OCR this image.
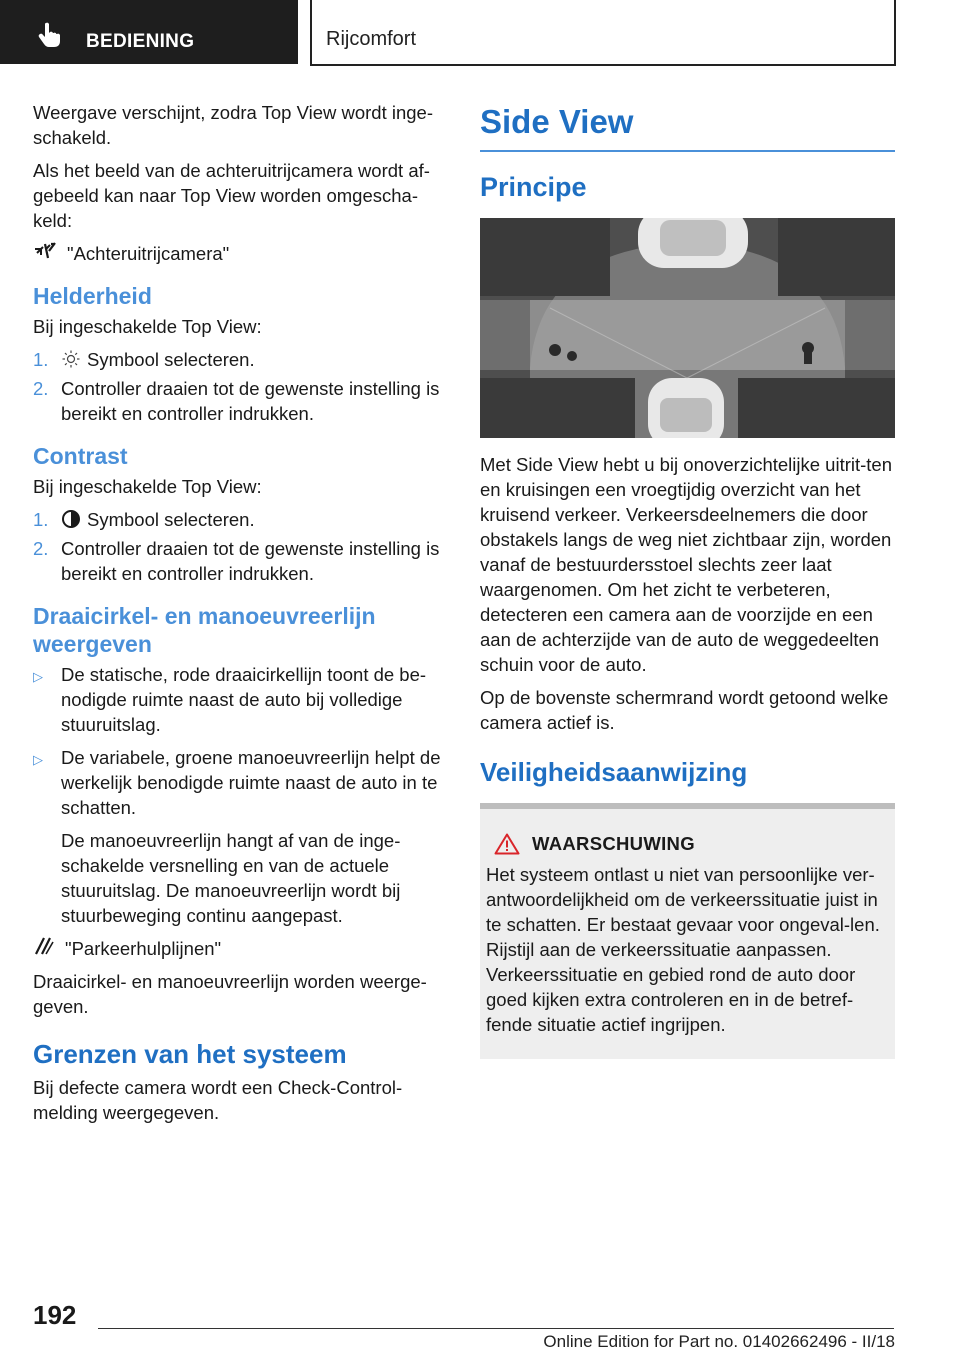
BEDIENING	Rijcomfort
Weergave verschijnt, zodra Top View wordt inge‐schakeld.
Als het beeld van de achteruitrijcamera wordt af‐gebeeld kan naar Top View worden omgescha‐keld:
"Achteruitrijcamera"
Helderheid
Bij ingeschakelde Top View:
1.	Symbool selecteren.
2. Controller draaien tot de gewenste instelling is bereikt en controller indrukken.
Contrast
Bij ingeschakelde Top View:
1.	Symbool selecteren.
2. Controller draaien tot de gewenste instelling is bereikt en controller indrukken.
Draaicirkel- en manoeuvreerlijn weergeven
▷ De statische, rode draaicirkellijn toont de be‐nodigde ruimte naast de auto bij volledige stuuruitslag.
▷ De variabele, groene manoeuvreerlijn helpt de werkelijk benodigde ruimte naast de auto in te schatten.
De manoeuvreerlijn hangt af van de inge‐schakelde versnelling en van de actuele stuuruitslag. De manoeuvreerlijn wordt bij stuurbeweging continu aangepast.
"Parkeerhulplijnen"
Draaicirkel- en manoeuvreerlijn worden weerge‐geven.
Grenzen van het systeem
Bij defecte camera wordt een Check-Control-melding weergegeven.
Side View
Principe
Met Side View hebt u bij onoverzichtelijke uitrit‐ten en kruisingen een vroegtijdig overzicht van het kruisend verkeer. Verkeersdeelnemers die door obstakels langs de weg niet zichtbaar zijn, worden vanaf de bestuurdersstoel slechts zeer laat waargenomen. Om het zicht te verbeteren, detecteren een camera aan de voorzijde en een aan de achterzijde van de auto de weggedeelten schuin voor de auto.
Op de bovenste schermrand wordt getoond welke camera actief is.
Veiligheidsaanwijzing
WAARSCHUWING
Het systeem ontlast u niet van persoonlijke ver‐antwoordelijkheid om de verkeerssituatie juist in te schatten. Er bestaat gevaar voor ongeval‐len. Rijstijl aan de verkeerssituatie aanpassen. Verkeerssituatie en gebied rond de auto door goed kijken extra controleren en in de betref‐fende situatie actief ingrijpen.
192
Online Edition for Part no. 01402662496 - II/18
